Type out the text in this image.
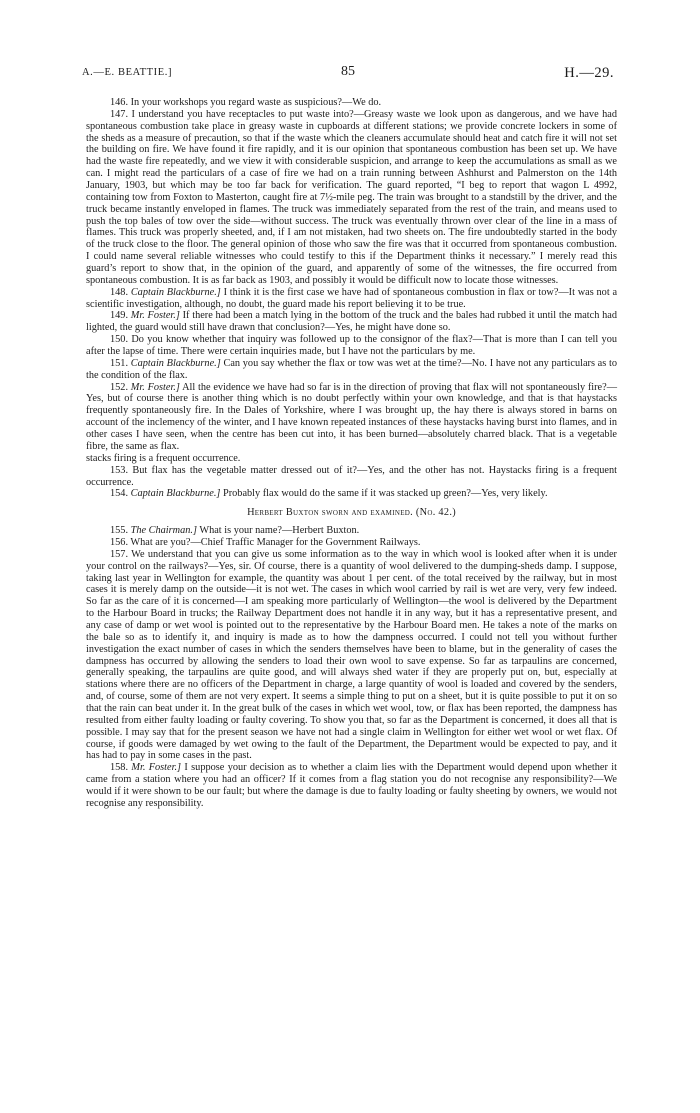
A.—E. BEATTIE.]	85	H.—29.

146. In your workshops you regard waste as suspicious?—We do.

147. I understand you have receptacles to put waste into?—Greasy waste we look upon as dangerous, and we have had spontaneous combustion take place in greasy waste in cupboards at different stations; we provide concrete lockers in some of the sheds as a measure of precaution, so that if the waste which the cleaners accumulate should heat and catch fire it will not set the building on fire. We have found it fire rapidly, and it is our opinion that spontaneous combustion has been set up. We have had the waste fire repeatedly, and we view it with considerable suspicion, and arrange to keep the accumulations as small as we can. I might read the particulars of a case of fire we had on a train running between Ashhurst and Palmerston on the 14th January, 1903, but which may be too far back for verification. The guard reported, “I beg to report that wagon L 4992, containing tow from Foxton to Masterton, caught fire at 7½-mile peg. The train was brought to a standstill by the driver, and the truck became instantly enveloped in flames. The truck was immediately separated from the rest of the train, and means used to push the top bales of tow over the side—without success. The truck was eventually thrown over clear of the line in a mass of flames. This truck was properly sheeted, and, if I am not mistaken, had two sheets on. The fire undoubtedly started in the body of the truck close to the floor. The general opinion of those who saw the fire was that it occurred from spontaneous combustion. I could name several reliable witnesses who could testify to this if the Department thinks it necessary.” I merely read this guard’s report to show that, in the opinion of the guard, and apparently of some of the witnesses, the fire occurred from spontaneous combustion. It is as far back as 1903, and possibly it would be difficult now to locate those witnesses.

148. Captain Blackburne.] I think it is the first case we have had of spontaneous combustion in flax or tow?—It was not a scientific investigation, although, no doubt, the guard made his report believing it to be true.

149. Mr. Foster.] If there had been a match lying in the bottom of the truck and the bales had rubbed it until the match had lighted, the guard would still have drawn that conclusion?—Yes, he might have done so.

150. Do you know whether that inquiry was followed up to the consignor of the flax?—That is more than I can tell you after the lapse of time. There were certain inquiries made, but I have not the particulars by me.

151. Captain Blackburne.] Can you say whether the flax or tow was wet at the time?—No. I have not any particulars as to the condition of the flax.

152. Mr. Foster.] All the evidence we have had so far is in the direction of proving that flax will not spontaneously fire?—Yes, but of course there is another thing which is no doubt perfectly within your own knowledge, and that is that haystacks frequently spontaneously fire. In the Dales of Yorkshire, where I was brought up, the hay there is always stored in barns on account of the inclemency of the winter, and I have known repeated instances of these haystacks having burst into flames, and in other cases I have seen, when the centre has been cut into, it has been burned—absolutely charred black. That is a vegetable fibre, the same as flax.

stacks firing is a frequent occurrence.

153. But flax has the vegetable matter dressed out of it?—Yes, and the other has not. Haystacks firing is a frequent occurrence.

154. Captain Blackburne.] Probably flax would do the same if it was stacked up green?—Yes, very likely.

Herbert Buxton sworn and examined. (No. 42.)

155. The Chairman.] What is your name?—Herbert Buxton.

156. What are you?—Chief Traffic Manager for the Government Railways.

157. We understand that you can give us some information as to the way in which wool is looked after when it is under your control on the railways?—Yes, sir. Of course, there is a quantity of wool delivered to the dumping-sheds damp. I suppose, taking last year in Wellington for example, the quantity was about 1 per cent. of the total received by the railway, but in most cases it is merely damp on the outside—it is not wet. The cases in which wool carried by rail is wet are very, very few indeed. So far as the care of it is concerned—I am speaking more particularly of Wellington—the wool is delivered by the Department to the Harbour Board in trucks; the Railway Department does not handle it in any way, but it has a representative present, and any case of damp or wet wool is pointed out to the representative by the Harbour Board men. He takes a note of the marks on the bale so as to identify it, and inquiry is made as to how the dampness occurred. I could not tell you without further investigation the exact number of cases in which the senders themselves have been to blame, but in the generality of cases the dampness has occurred by allowing the senders to load their own wool to save expense. So far as tarpaulins are concerned, generally speaking, the tarpaulins are quite good, and will always shed water if they are properly put on, but, especially at stations where there are no officers of the Department in charge, a large quantity of wool is loaded and covered by the senders, and, of course, some of them are not very expert. It seems a simple thing to put on a sheet, but it is quite possible to put it on so that the rain can beat under it. In the great bulk of the cases in which wet wool, tow, or flax has been reported, the dampness has resulted from either faulty loading or faulty covering. To show you that, so far as the Department is concerned, it does all that is possible. I may say that for the present season we have not had a single claim in Wellington for either wet wool or wet flax. Of course, if goods were damaged by wet owing to the fault of the Department, the Department would be expected to pay, and it has had to pay in some cases in the past.

158. Mr. Foster.] I suppose your decision as to whether a claim lies with the Department would depend upon whether it came from a station where you had an officer? If it comes from a flag station you do not recognise any responsibility?—We would if it were shown to be our fault; but where the damage is due to faulty loading or faulty sheeting by owners, we would not recognise any responsibility.
